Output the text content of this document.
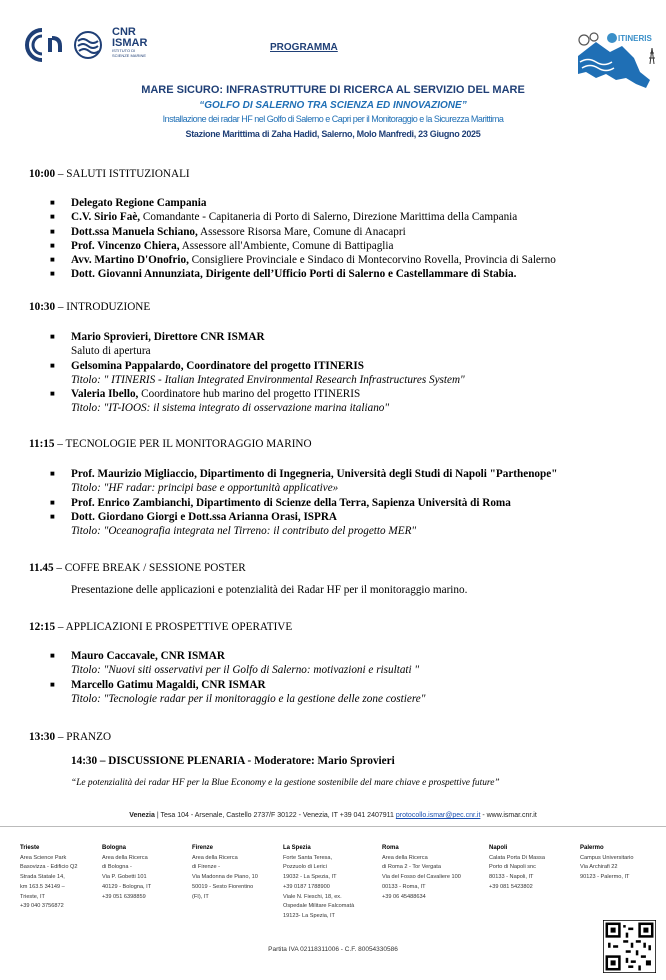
CNR
ISMAR
ISTITUTO DI SCIENZE MARINE
PROGRAMMA
ITINERIS
MARE SICURO: INFRASTRUTTURE DI RICERCA AL SERVIZIO DEL MARE
“GOLFO DI SALERNO TRA SCIENZA ED INNOVAZIONE”
Installazione dei radar HF nel Golfo di Salerno e Capri per il Monitoraggio e la Sicurezza Marittima
Stazione Marittima di Zaha Hadid, Salerno, Molo Manfredi, 23 Giugno 2025
10:00 – SALUTI ISTITUZIONALI
■ Delegato Regione Campania
■ C.V. Sirio Faè, Comandante - Capitaneria di Porto di Salerno, Direzione Marittima della Campania
■ Dott.ssa Manuela Schiano, Assessore Risorsa Mare, Comune di Anacapri
■ Prof. Vincenzo Chiera, Assessore all'Ambiente, Comune di Battipaglia
■ Avv. Martino D'Onofrio, Consigliere Provinciale e Sindaco di Montecorvino Rovella, Provincia di Salerno
■ Dott. Giovanni Annunziata, Dirigente dell’Ufficio Porti di Salerno e Castellammare di Stabia.
10:30 – INTRODUZIONE
■ Mario Sprovieri, Direttore CNR ISMAR
Saluto di apertura
■ Gelsomina Pappalardo, Coordinatore del progetto ITINERIS
Titolo: " ITINERIS - Italian Integrated Environmental Research Infrastructures System"
■ Valeria Ibello, Coordinatore hub marino del progetto ITINERIS
Titolo: "IT-IOOS: il sistema integrato di osservazione marina italiano"
11:15 – TECNOLOGIE PER IL MONITORAGGIO MARINO
■ Prof. Maurizio Migliaccio, Dipartimento di Ingegneria, Università degli Studi di Napoli "Parthenope"
Titolo: "HF radar: principi base e opportunità applicative»
■ Prof. Enrico Zambianchi, Dipartimento di Scienze della Terra, Sapienza Università di Roma
■ Dott. Giordano Giorgi e Dott.ssa Arianna Orasi, ISPRA
Titolo: "Oceanografia integrata nel Tirreno: il contributo del progetto MER"
11.45 – COFFE BREAK / SESSIONE POSTER
Presentazione delle applicazioni e potenzialità dei Radar HF per il monitoraggio marino.
12:15 – APPLICAZIONI E PROSPETTIVE OPERATIVE
■ Mauro Caccavale, CNR ISMAR
Titolo: "Nuovi siti osservativi per il Golfo di Salerno: motivazioni e risultati "
■ Marcello Gatimu Magaldi, CNR ISMAR
Titolo: "Tecnologie radar per il monitoraggio e la gestione delle zone costiere"
13:30 – PRANZO
14:30 – DISCUSSIONE PLENARIA - Moderatore: Mario Sprovieri
“Le potenzialità dei radar HF per la Blue Economy e la gestione sostenibile del mare chiave e prospettive future”
Venezia | Tesa 104 - Arsenale, Castello 2737/F 30122 - Venezia, IT +39 041 2407911 protocollo.ismar@pec.cnr.it - www.ismar.cnr.it
Trieste
Area Science Park
Basovizza - Edificio Q2
Strada Statale 14,
km 163.5 34149 –
Trieste, IT
+39 040 3756872
Bologna
Area della Ricerca
di Bologna -
Via P. Gobetti 101
40129 - Bologna, IT
+39 051 6398859
Firenze
Area della Ricerca
di Firenze -
Via Madonna de Piano, 10
50019 - Sesto Fiorentino
(FI), IT
La Spezia
Forte Santa Teresa,
Pozzuolo di Lerici
19032 - La Spezia, IT
+39 0187 1788900
Viale N. Fieschi, 18, ex.
Ospedale Militare Falcomatà
19123- La Spezia, IT
Roma
Area della Ricerca
di Roma 2 - Tor Vergata
Via del Fosso del Cavaliere 100
00133 - Roma, IT
+39 06 45488634
Napoli
Calata Porta Di Massa
Porto di Napoli snc
80133 - Napoli, IT
+39 081 5423802
Palermo
Campus Universitario
Via Archirafi 22
90123 - Palermo, IT
Partita IVA 02118311006 - C.F. 80054330586
